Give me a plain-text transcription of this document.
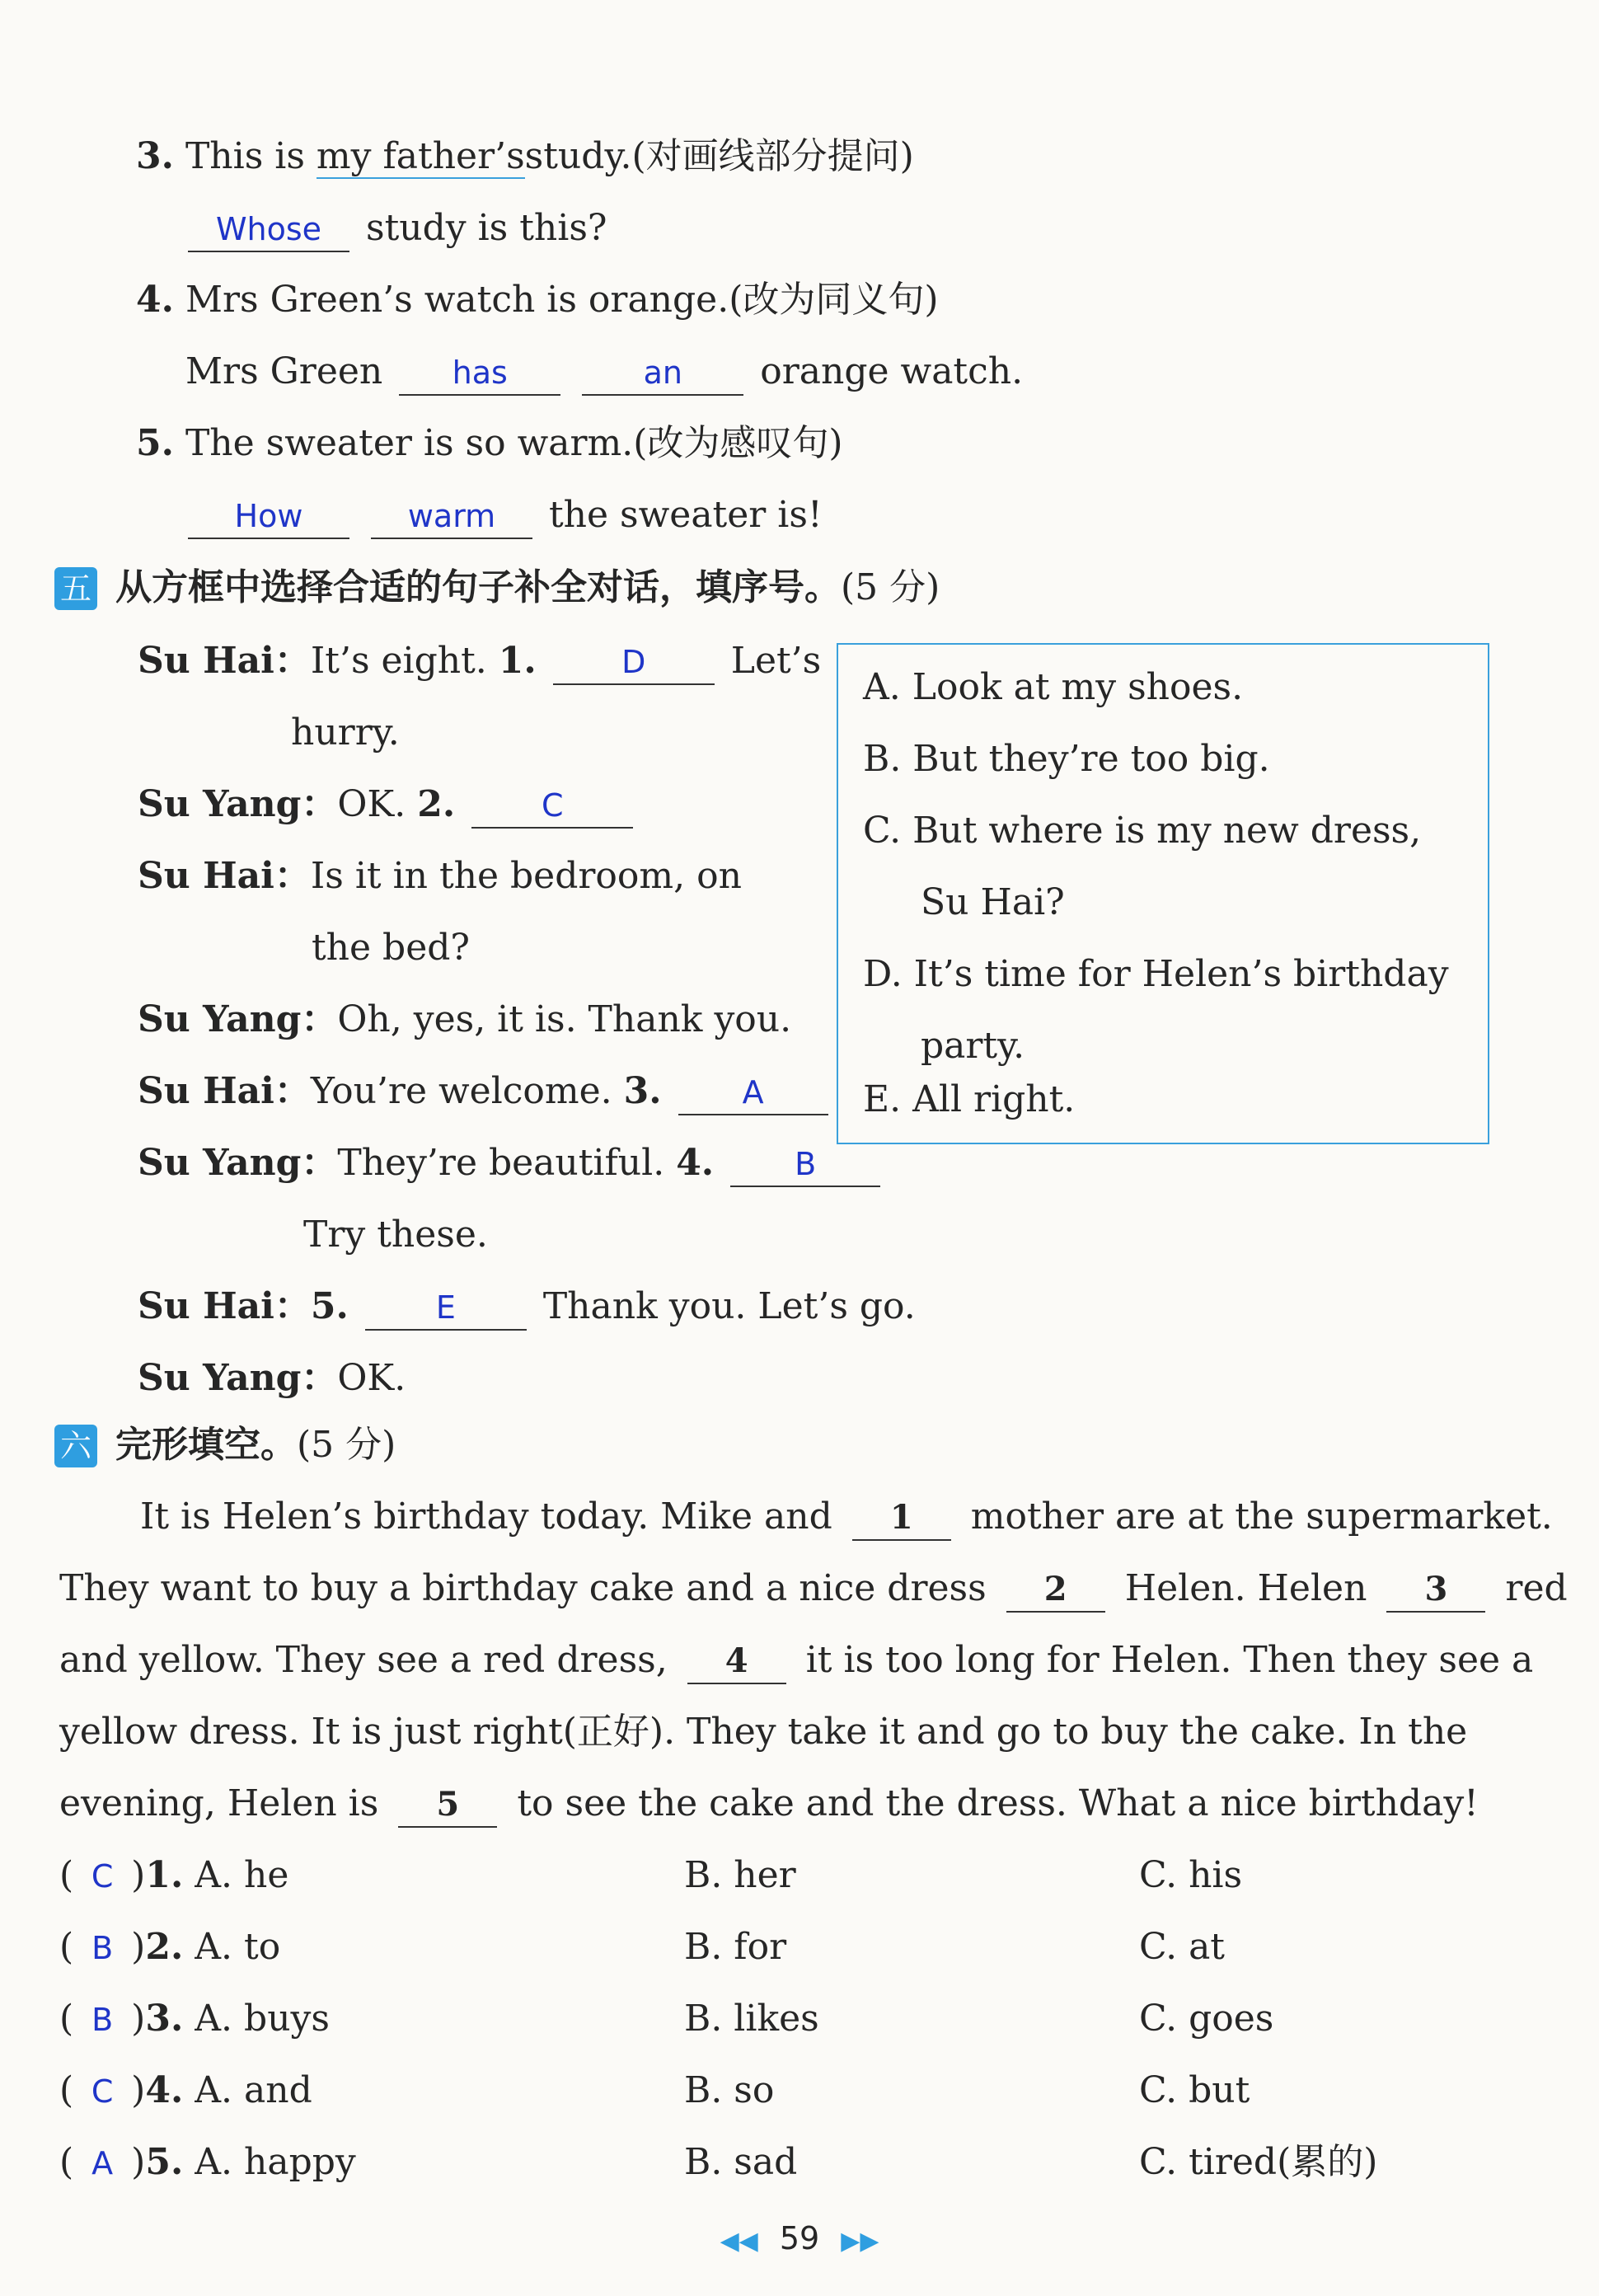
3. This is my father’sstudy.(对画线部分提问)
Whose study is this?
4. Mrs Green’s watch is orange.(改为同义句)
Mrs Green has	an orange watch.
5. The sweater is so warm.(改为感叹句)
How	warm the sweater is!
五 从方框中选择合适的句子补全对话，填序号。(5 分)
Su Hai：It’s eight. 1.	D Let’s
hurry.
Su Yang：OK. 2.	C
Su Hai：Is it in the bedroom, on
the bed?
Su Yang：Oh, yes, it is. Thank you.
Su Hai：You’re welcome. 3.	A
Su Yang：They’re beautiful. 4.	B
Try these.
Su Hai：5.	E Thank you. Let’s go.
Su Yang：OK.
A. Look at my shoes.
B. But they’re too big.
C. But where is my new dress,
Su Hai?
D. It’s time for Helen’s birthday
party.
E. All right.
六 完形填空。(5 分)
It is Helen’s birthday today. Mike and 1 mother are at the supermarket.
They want to buy a birthday cake and a nice dress 2 Helen. Helen 3 red
and yellow. They see a red dress, 4 it is too long for Helen. Then they see a
yellow dress. It is just right(正好). They take it and go to buy the cake. In the
evening, Helen is 5 to see the cake and the dress. What a nice birthday!
( C )1. A. he	B. her	C. his
( B )2. A. to	B. for	C. at
( B )3. A. buys	B. likes	C. goes
( C )4. A. and	B. so	C. but
( A )5. A. happy	B. sad	C. tired(累的)
◀◀ 59 ▶▶
